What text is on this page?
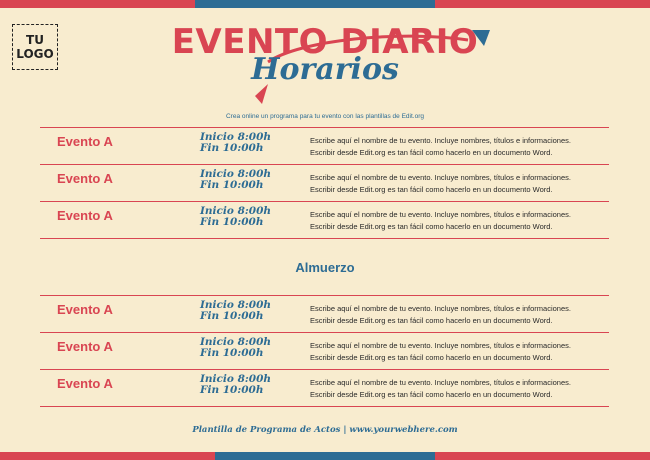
TU
LOGO	EVENTO DIARIO
Horarios
Crea online un programa para tu evento con las plantillas de Edit.org
Evento A	Inicio 8:00h
Fin 10:00h
Escribe aquí el nombre de tu evento. Incluye nombres, títulos e informaciones.
Escribir desde Edit.org es tan fácil como hacerlo en un documento Word.
Evento A	Inicio 8:00h
Fin 10:00h
Escribe aquí el nombre de tu evento. Incluye nombres, títulos e informaciones.
Escribir desde Edit.org es tan fácil como hacerlo en un documento Word.
Evento A	Inicio 8:00h
Fin 10:00h
Escribe aquí el nombre de tu evento. Incluye nombres, títulos e informaciones.
Escribir desde Edit.org es tan fácil como hacerlo en un documento Word.
Almuerzo
Evento A	Inicio 8:00h
Fin 10:00h
Escribe aquí el nombre de tu evento. Incluye nombres, títulos e informaciones.
Escribir desde Edit.org es tan fácil como hacerlo en un documento Word.
Evento A	Inicio 8:00h
Fin 10:00h
Escribe aquí el nombre de tu evento. Incluye nombres, títulos e informaciones.
Escribir desde Edit.org es tan fácil como hacerlo en un documento Word.
Evento A	Inicio 8:00h
Fin 10:00h
Escribe aquí el nombre de tu evento. Incluye nombres, títulos e informaciones.
Escribir desde Edit.org es tan fácil como hacerlo en un documento Word.
Plantilla de Programa de Actos | www.yourwebhere.com
